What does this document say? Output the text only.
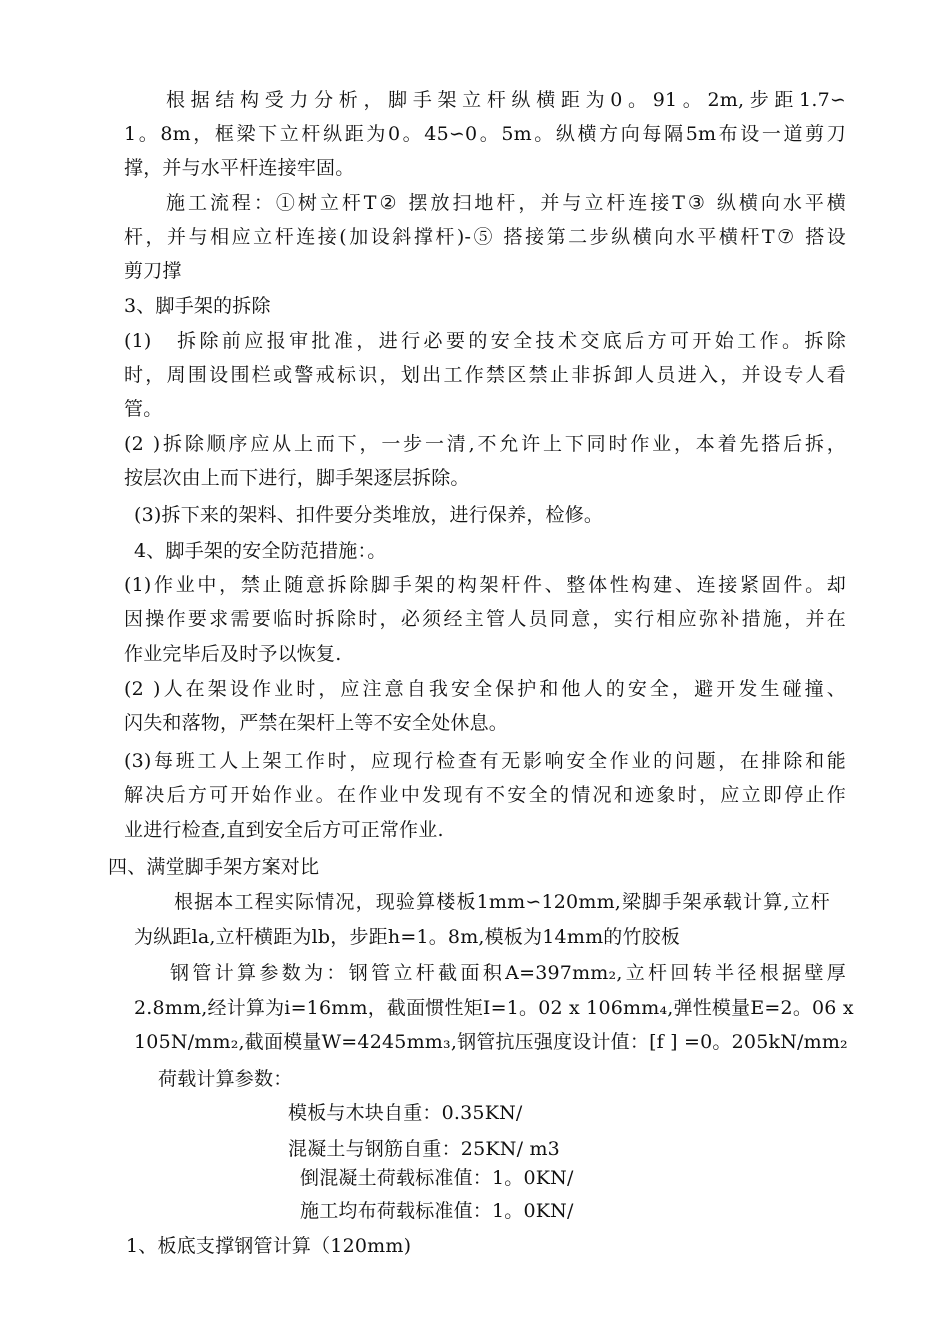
根据结构受力分析，脚手架立杆纵横距为0。91。2m,步距1.7∽
1。8m，框梁下立杆纵距为0。45∽0。5m。纵横方向每隔5m布设一道剪刀
撑，并与水平杆连接牢固。
施工流程：①树立杆T② 摆放扫地杆，并与立杆连接T③ 纵横向水平横
杆，并与相应立杆连接(加设斜撑杆)-⑤ 搭接第二步纵横向水平横杆T⑦ 搭设
剪刀撑
3、脚手架的拆除
(1)　拆除前应报审批准，进行必要的安全技术交底后方可开始工作。拆除
时，周围设围栏或警戒标识，划出工作禁区禁止非拆卸人员进入，并设专人看
管。
(2 )拆除顺序应从上而下，一步一清,不允许上下同时作业，本着先搭后拆，
按层次由上而下进行，脚手架逐层拆除。
(3)拆下来的架料、扣件要分类堆放，进行保养，检修。
4、脚手架的安全防范措施：。
(1)作业中，禁止随意拆除脚手架的构架杆件、整体性构建、连接紧固件。却
因操作要求需要临时拆除时，必须经主管人员同意，实行相应弥补措施，并在
作业完毕后及时予以恢复.
(2 )人在架设作业时，应注意自我安全保护和他人的安全，避开发生碰撞、
闪失和落物，严禁在架杆上等不安全处休息。
(3)每班工人上架工作时，应现行检查有无影响安全作业的问题，在排除和能
解决后方可开始作业。在作业中发现有不安全的情况和迹象时，应立即停止作
业进行检查,直到安全后方可正常作业.
四、满堂脚手架方案对比
根据本工程实际情况，现验算楼板1mm∽120mm,梁脚手架承载计算,立杆
为纵距la,立杆横距为lb，步距h=1。8m,模板为14mm的竹胶板
钢管计算参数为：钢管立杆截面积A=397mm₂,立杆回转半径根据壁厚
2.8mm,经计算为i=16mm，截面惯性矩I=1。02 x 106mm₄,弹性模量E=2。06 x
105N/mm₂,截面模量W=4245mm₃,钢管抗压强度设计值：[f ] =0。205kN/mm₂
荷载计算参数：
模板与木块自重：0.35KN/
混凝土与钢筋自重：25KN/ m3
倒混凝土荷载标准值：1。0KN/
施工均布荷载标准值：1。0KN/
1、板底支撑钢管计算（120mm)
